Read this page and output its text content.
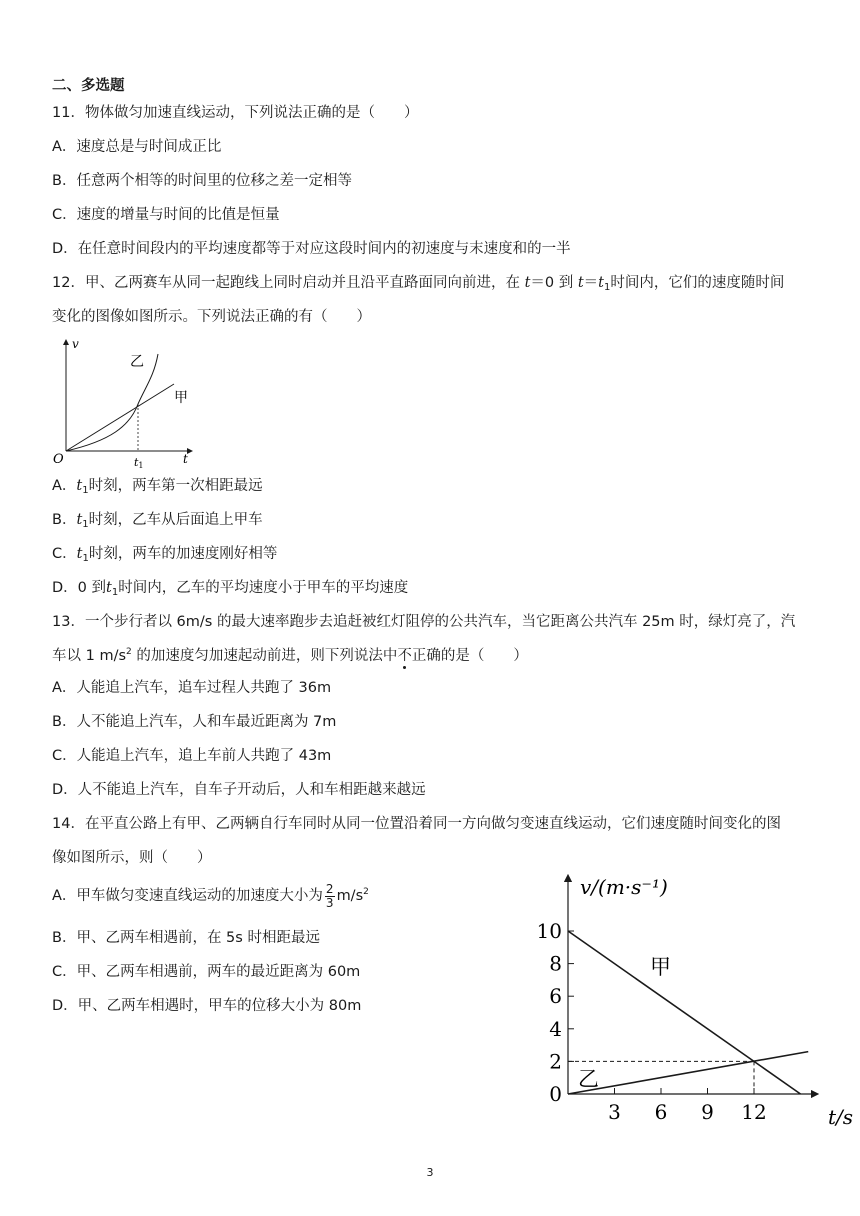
二、多选题
11．物体做匀加速直线运动，下列说法正确的是（　　）
A．速度总是与时间成正比
B．任意两个相等的时间里的位移之差一定相等
C．速度的增量与时间的比值是恒量
D．在任意时间段内的平均速度都等于对应这段时间内的初速度与末速度和的一半
12．甲、乙两赛车从同一起跑线上同时启动并且沿平直路面同向前进，在 t＝0 到 $t=t_1$时间内，它们的速度随时间
变化的图像如图所示。下列说法正确的有（　　）
v
t
O	t1
乙
甲
A．$t_1$时刻，两车第一次相距最远
B．$t_1$时刻，乙车从后面追上甲车
C．$t_1$时刻，两车的加速度刚好相等
D．0 到$t_1$时间内，乙车的平均速度小于甲车的平均速度
13．一个步行者以 6m/s 的最大速率跑步去追赶被红灯阻停的公共汽车，当它距离公共汽车 25m 时，绿灯亮了，汽
车以 1 $m/s^2$ 的加速度匀加速起动前进，则下列说法中不正确的是（　　）
A．人能追上汽车，追车过程人共跑了 36m
B．人不能追上汽车，人和车最近距离为 7m
C．人能追上汽车，追上车前人共跑了 43m
D．人不能追上汽车，自车子开动后，人和车相距越来越远
14．在平直公路上有甲、乙两辆自行车同时从同一位置沿着同一方向做匀变速直线运动，它们速度随时间变化的图
像如图所示，则（　　）
A．甲车做匀变速直线运动的加速度大小为 $\frac{2}{3} m/s^2$
B．甲、乙两车相遇前，在 5s 时相距最远
C．甲、乙两车相遇前，两车的最近距离为 60m
D．甲、乙两车相遇时，甲车的位移大小为 80m
v/(m·s⁻¹)
t/s
0
2
4
6
8
10
3 6 9 12
甲
乙
3
